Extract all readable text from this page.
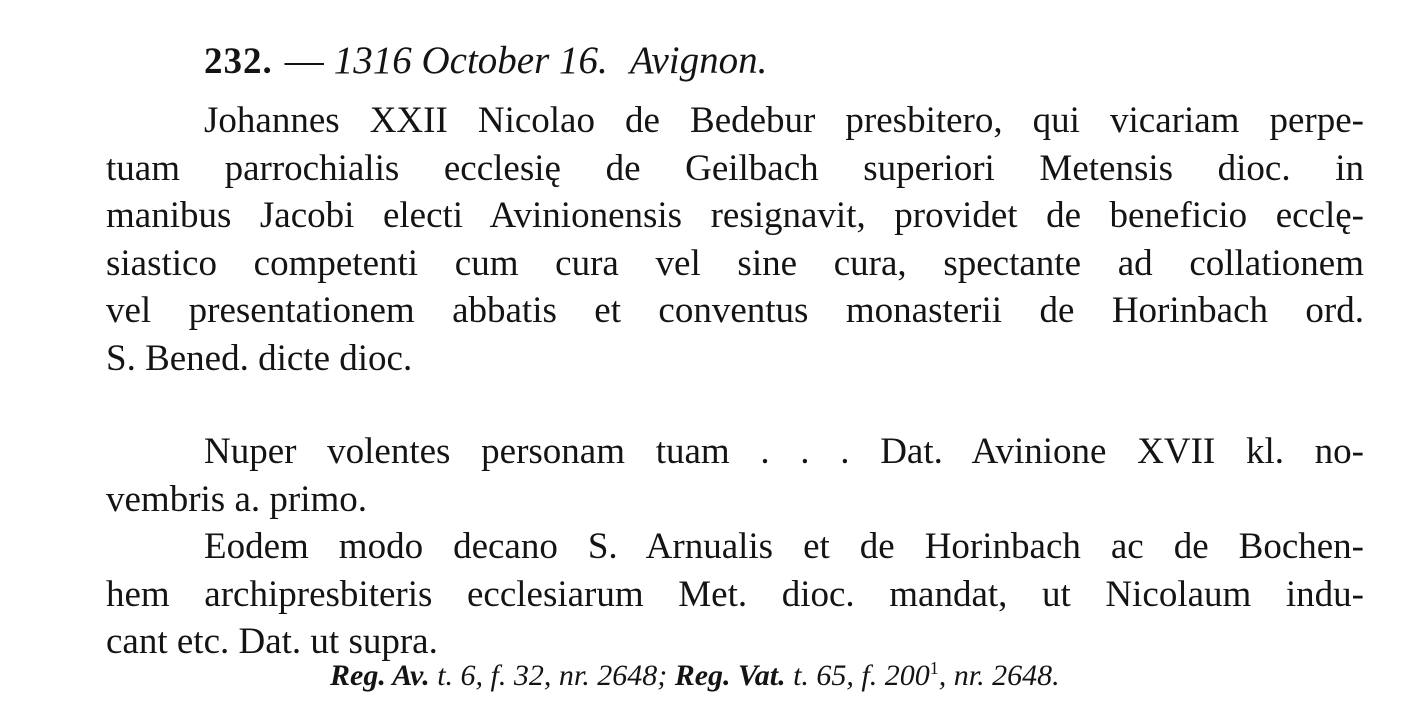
232. — 1316 October 16. Avignon.

Johannes XXII Nicolao de Bedebur presbitero, qui vicariam perpe-
tuam parrochialis ecclesię de Geilbach superiori Metensis dioc. in
manibus Jacobi electi Avinionensis resignavit, providet de beneficio ecclę-
siastico competenti cum cura vel sine cura, spectante ad collationem
vel presentationem abbatis et conventus monasterii de Horinbach ord.
S. Bened. dicte dioc.

Nuper volentes personam tuam . . . Dat. Avinione XVII kl. no-
vembris a. primo.

Eodem modo decano S. Arnualis et de Horinbach ac de Bochen-
hem archipresbiteris ecclesiarum Met. dioc. mandat, ut Nicolaum indu-
cant etc. Dat. ut supra.

Reg. Av. t. 6, f. 32, nr. 2648; Reg. Vat. t. 65, f. $200^1$, nr. 2648.
